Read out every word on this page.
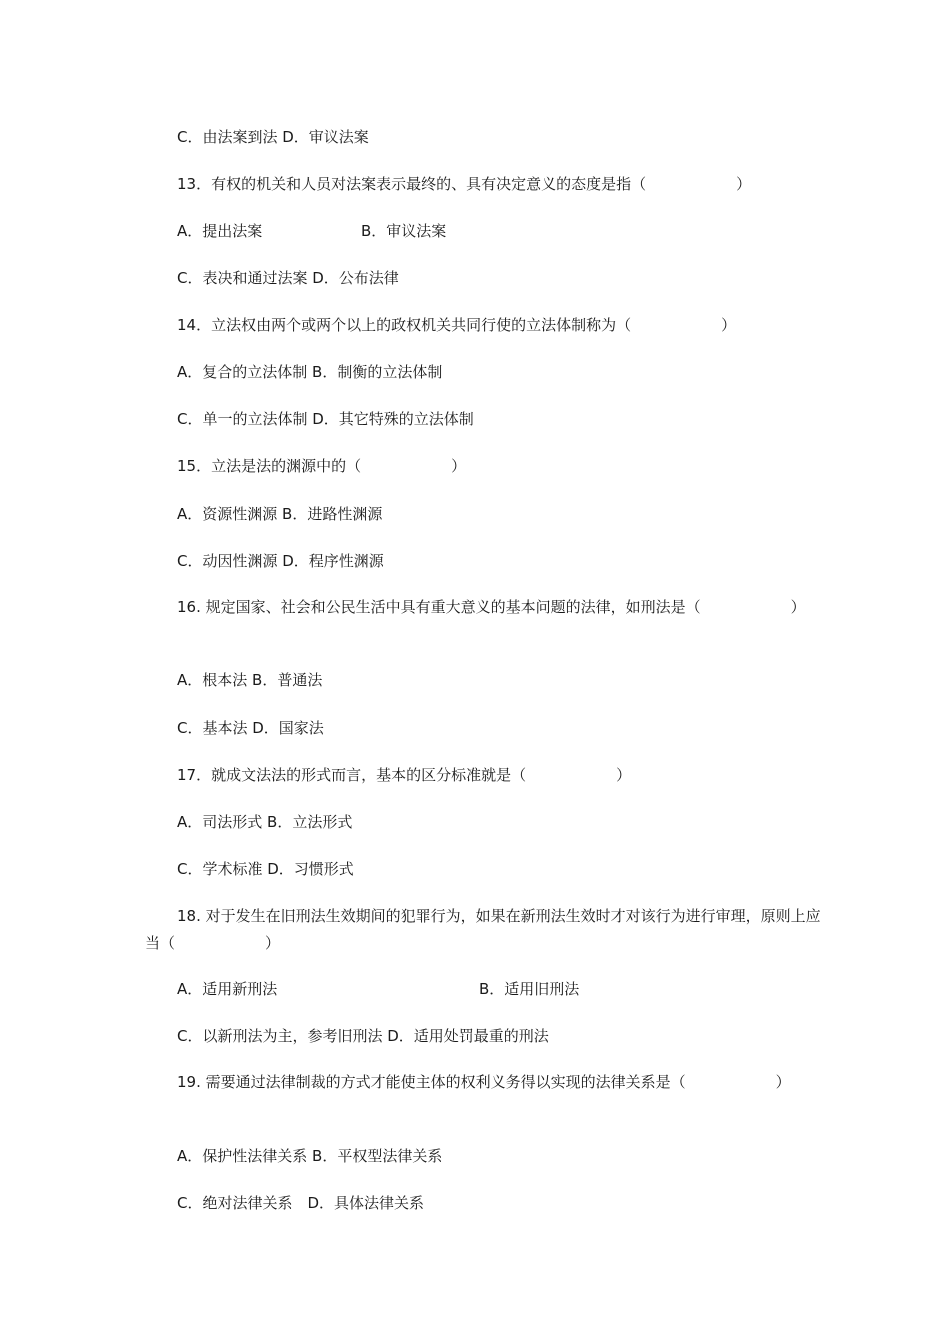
C．由法案到法 D．审议法案
13．有权的机关和人员对法案表示最终的、具有决定意义的态度是指（　　　　　　）
A．提出法案	B．审议法案
C．表决和通过法案 D．公布法律
14．立法权由两个或两个以上的政权机关共同行使的立法体制称为（　　　　　　）
A．复合的立法体制 B．制衡的立法体制
C．单一的立法体制 D．其它特殊的立法体制
15．立法是法的渊源中的（　　　　　　）
A．资源性渊源 B．进路性渊源
C．动因性渊源 D．程序性渊源
16. 规定国家、社会和公民生活中具有重大意义的基本问题的法律，如刑法是（　　　　　　）
A．根本法 B．普通法
C．基本法 D．国家法
17．就成文法法的形式而言，基本的区分标准就是（　　　　　　）
A．司法形式 B．立法形式
C．学术标准 D．习惯形式
18. 对于发生在旧刑法生效期间的犯罪行为，如果在新刑法生效时才对该行为进行审理，原则上应当（　　　　　　）
A．适用新刑法	B．适用旧刑法
C．以新刑法为主，参考旧刑法 D．适用处罚最重的刑法
19. 需要通过法律制裁的方式才能使主体的权利义务得以实现的法律关系是（　　　　　　）
A．保护性法律关系 B．平权型法律关系
C．绝对法律关系　D．具体法律关系
